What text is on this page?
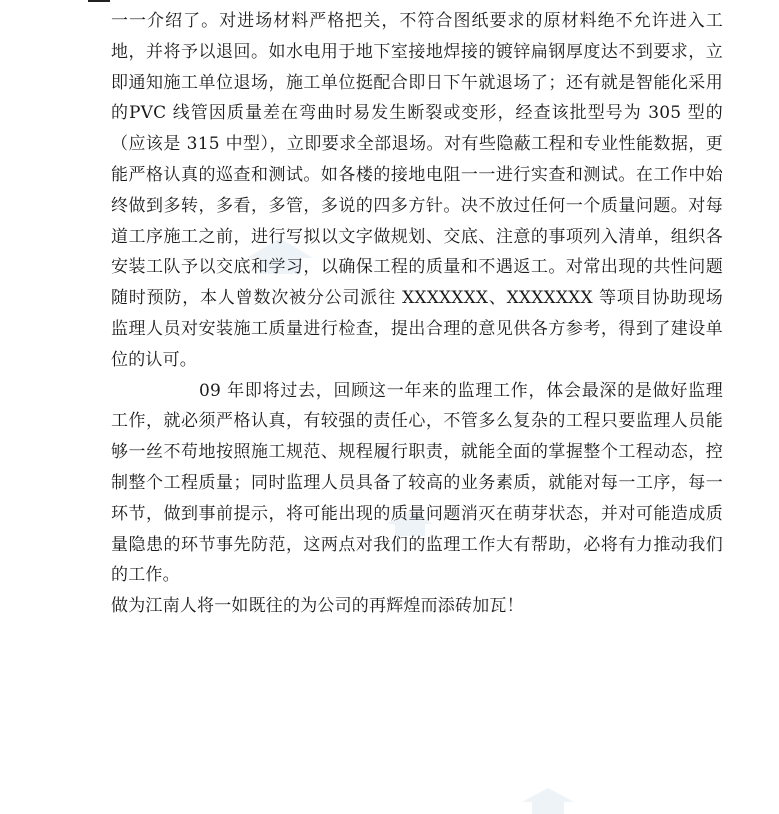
一一介绍了。对进场材料严格把关，不符合图纸要求的原材料绝不允许进入工地，并将予以退回。如水电用于地下室接地焊接的镀锌扁钢厚度达不到要求，立即通知施工单位退场，施工单位挺配合即日下午就退场了；还有就是智能化采用的PVC 线管因质量差在弯曲时易发生断裂或变形，经查该批型号为 305 型的（应该是 315 中型），立即要求全部退场。对有些隐蔽工程和专业性能数据，更能严格认真的巡查和测试。如各楼的接地电阻一一进行实查和测试。在工作中始终做到多转，多看，多管，多说的四多方针。决不放过任何一个质量问题。对每道工序施工之前，进行写拟以文字做规划、交底、注意的事项列入清单，组织各安装工队予以交底和学习，以确保工程的质量和不遇返工。对常出现的共性问题随时预防，本人曾数次被分公司派往 XXXXXXX、XXXXXXX 等项目协助现场监理人员对安装施工质量进行检查，提出合理的意见供各方参考，得到了建设单位的认可。

09 年即将过去，回顾这一年来的监理工作，体会最深的是做好监理工作，就必须严格认真，有较强的责任心，不管多么复杂的工程只要监理人员能够一丝不苟地按照施工规范、规程履行职责，就能全面的掌握整个工程动态，控制整个工程质量；同时监理人员具备了较高的业务素质，就能对每一工序，每一环节，做到事前提示，将可能出现的质量问题消灭在萌芽状态，并对可能造成质量隐患的环节事先防范，这两点对我们的监理工作大有帮助，必将有力推动我们的工作。

做为江南人将一如既往的为公司的再辉煌而添砖加瓦！
